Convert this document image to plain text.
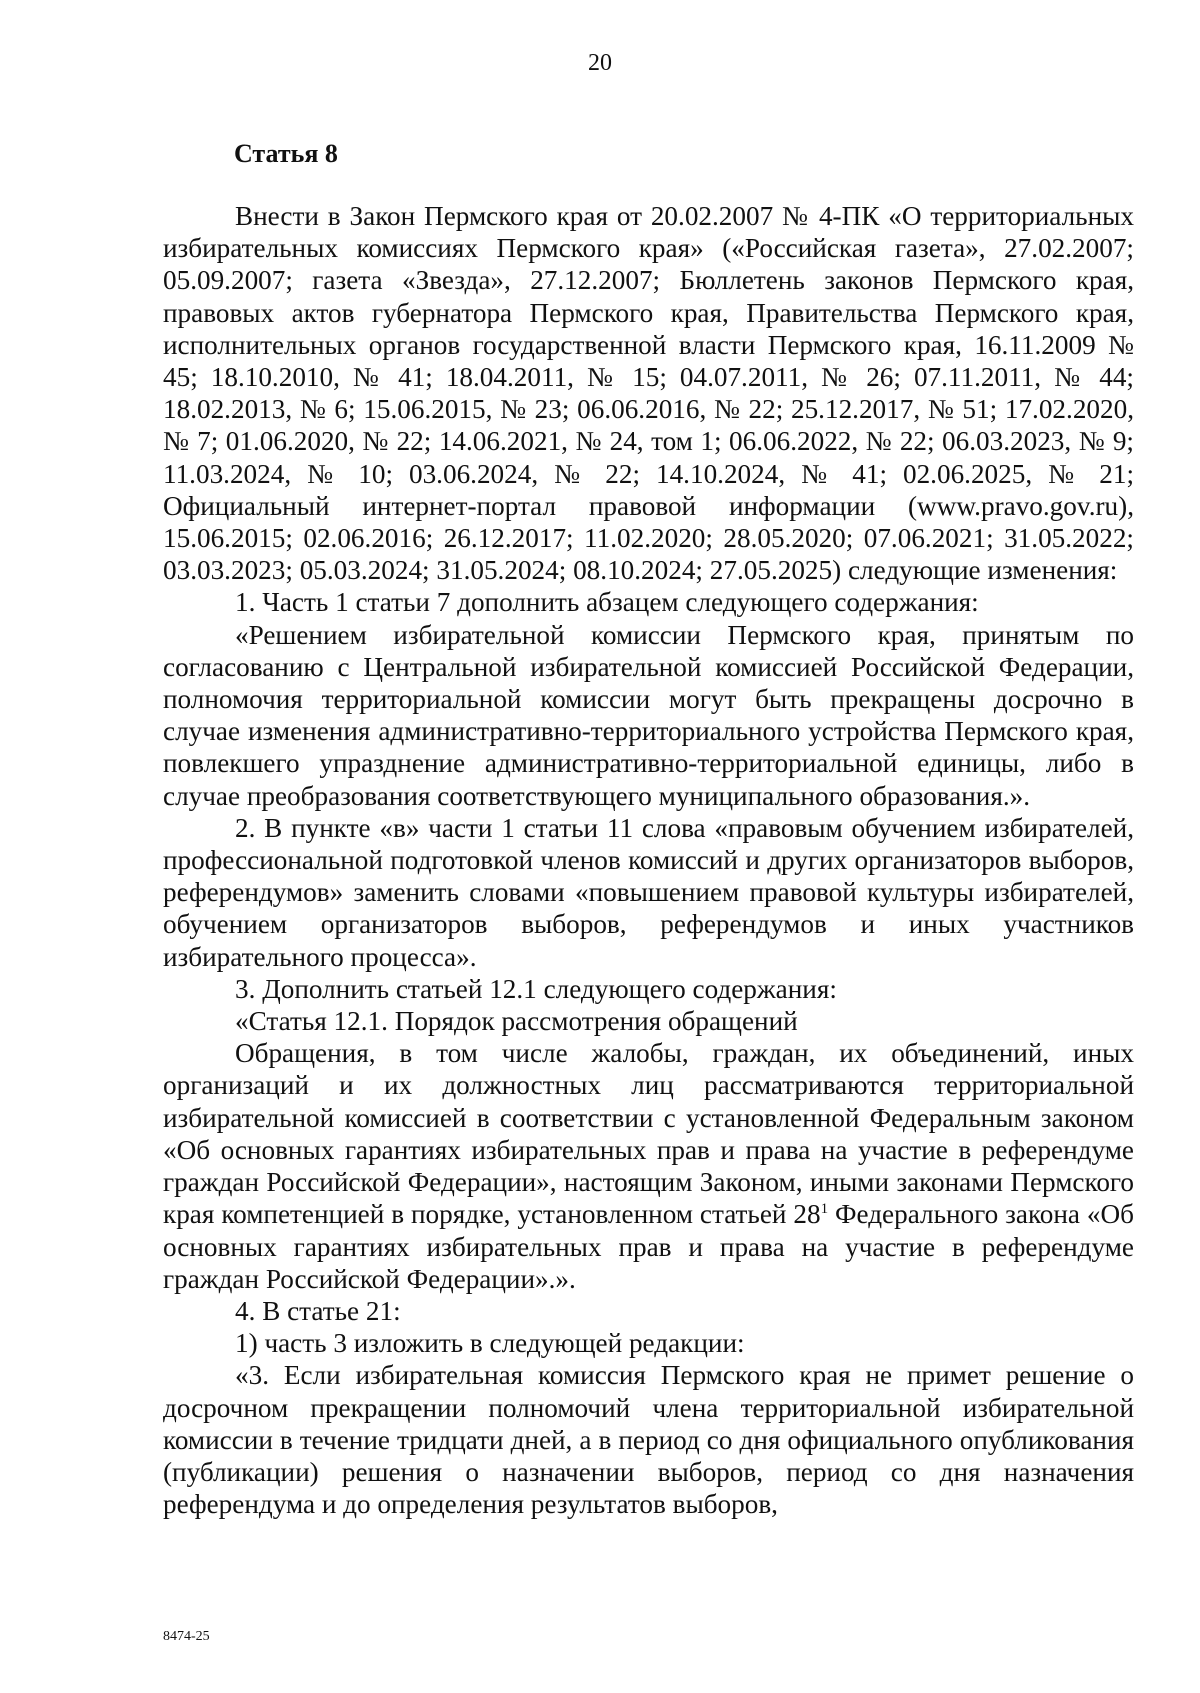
20
Статья 8

Внести в Закон Пермского края от 20.02.2007 № 4-ПК «О территориальных избирательных комиссиях Пермского края» («Российская газета», 27.02.2007; 05.09.2007; газета «Звезда», 27.12.2007; Бюллетень законов Пермского края, правовых актов губернатора Пермского края, Правительства Пермского края, исполнительных органов государственной власти Пермского края, 16.11.2009 № 45; 18.10.2010, № 41; 18.04.2011, № 15; 04.07.2011, № 26; 07.11.2011, № 44; 18.02.2013, № 6; 15.06.2015, № 23; 06.06.2016, № 22; 25.12.2017, № 51; 17.02.2020, № 7; 01.06.2020, № 22; 14.06.2021, № 24, том 1; 06.06.2022, № 22; 06.03.2023, № 9; 11.03.2024, № 10; 03.06.2024, № 22; 14.10.2024, № 41; 02.06.2025, № 21; Официальный интернет-портал правовой информации (www.pravo.gov.ru), 15.06.2015; 02.06.2016; 26.12.2017; 11.02.2020; 28.05.2020; 07.06.2021; 31.05.2022; 03.03.2023; 05.03.2024; 31.05.2024; 08.10.2024; 27.05.2025) следующие изменения:

1. Часть 1 статьи 7 дополнить абзацем следующего содержания:

«Решением избирательной комиссии Пермского края, принятым по согласованию с Центральной избирательной комиссией Российской Федерации, полномочия территориальной комиссии могут быть прекращены досрочно в случае изменения административно-территориального устройства Пермского края, повлекшего упразднение административно-территориальной единицы, либо в случае преобразования соответствующего муниципального образования.».

2. В пункте «в» части 1 статьи 11 слова «правовым обучением избирателей, профессиональной подготовкой членов комиссий и других организаторов выборов, референдумов» заменить словами «повышением правовой культуры избирателей, обучением организаторов выборов, референдумов и иных участников избирательного процесса».

3. Дополнить статьей 12.1 следующего содержания:

«Статья 12.1. Порядок рассмотрения обращений

Обращения, в том числе жалобы, граждан, их объединений, иных организаций и их должностных лиц рассматриваются территориальной избирательной комиссией в соответствии с установленной Федеральным законом «Об основных гарантиях избирательных прав и права на участие в референдуме граждан Российской Федерации», настоящим Законом, иными законами Пермского края компетенцией в порядке, установленном статьей $28^1$ Федерального закона «Об основных гарантиях избирательных прав и права на участие в референдуме граждан Российской Федерации».».

4. В статье 21:

1) часть 3 изложить в следующей редакции:

«3. Если избирательная комиссия Пермского края не примет решение о досрочном прекращении полномочий члена территориальной избирательной комиссии в течение тридцати дней, а в период со дня официального опубликования (публикации) решения о назначении выборов, период со дня назначения референдума и до определения результатов выборов,

8474-25
